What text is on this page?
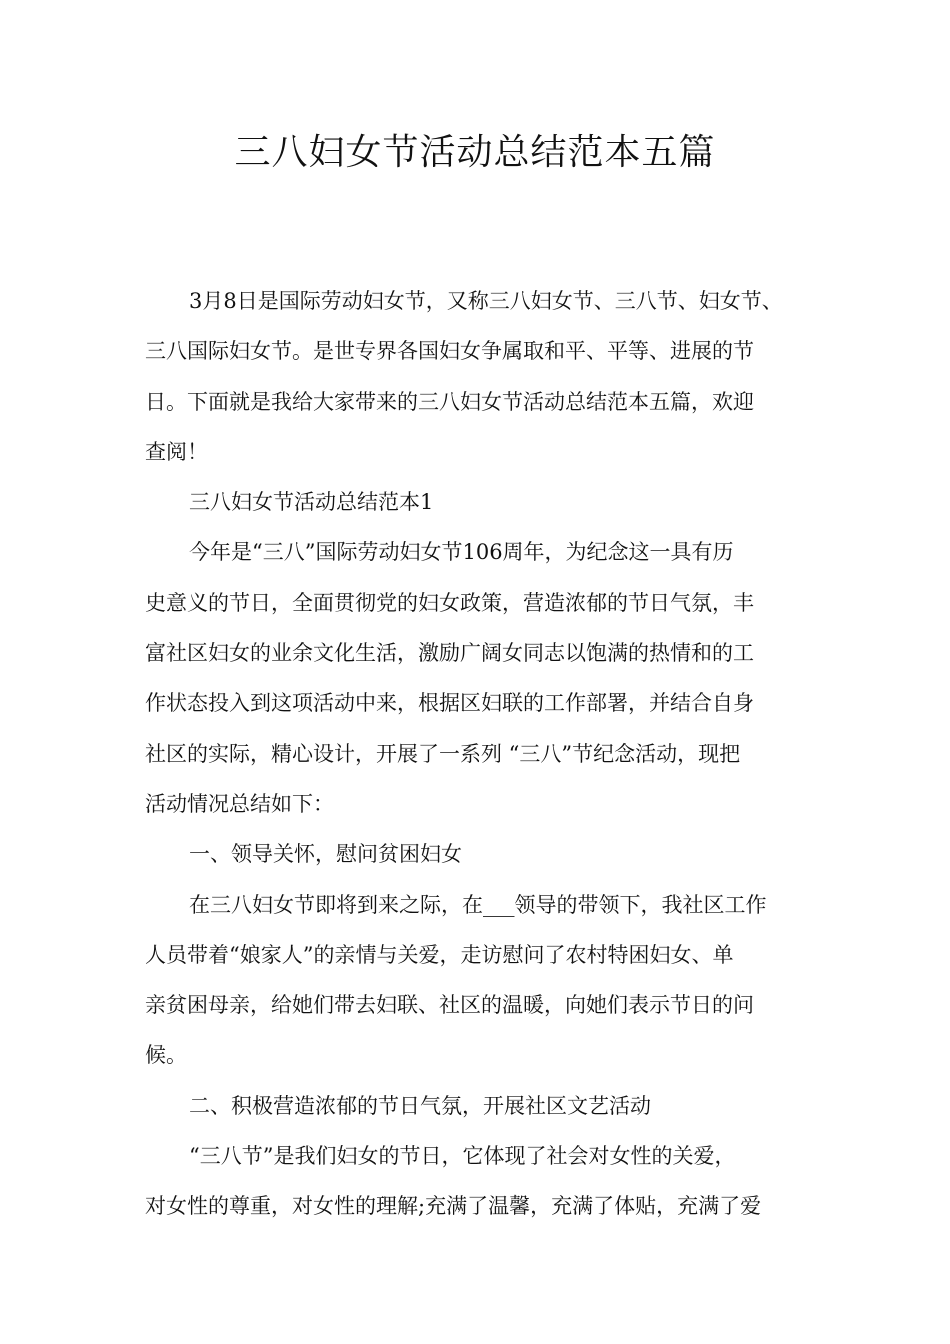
三八妇女节活动总结范本五篇
3月8日是国际劳动妇女节，又称三八妇女节、三八节、妇女节、
三八国际妇女节。是世专界各国妇女争属取和平、平等、进展的节
日。下面就是我给大家带来的三八妇女节活动总结范本五篇，欢迎
查阅！
三八妇女节活动总结范本1
今年是“三八”国际劳动妇女节106周年，为纪念这一具有历
史意义的节日，全面贯彻党的妇女政策，营造浓郁的节日气氛，丰
富社区妇女的业余文化生活，激励广阔女同志以饱满的热情和的工
作状态投入到这项活动中来，根据区妇联的工作部署，并结合自身
社区的实际，精心设计，开展了一系列 “三八”节纪念活动，现把
活动情况总结如下：
一、领导关怀，慰问贫困妇女
在三八妇女节即将到来之际，在___领导的带领下，我社区工作
人员带着“娘家人”的亲情与关爱，走访慰问了农村特困妇女、单
亲贫困母亲，给她们带去妇联、社区的温暖，向她们表示节日的问
候。
二、积极营造浓郁的节日气氛，开展社区文艺活动
“三八节”是我们妇女的节日，它体现了社会对女性的关爱，
对女性的尊重，对女性的理解;充满了温馨，充满了体贴，充满了爱
